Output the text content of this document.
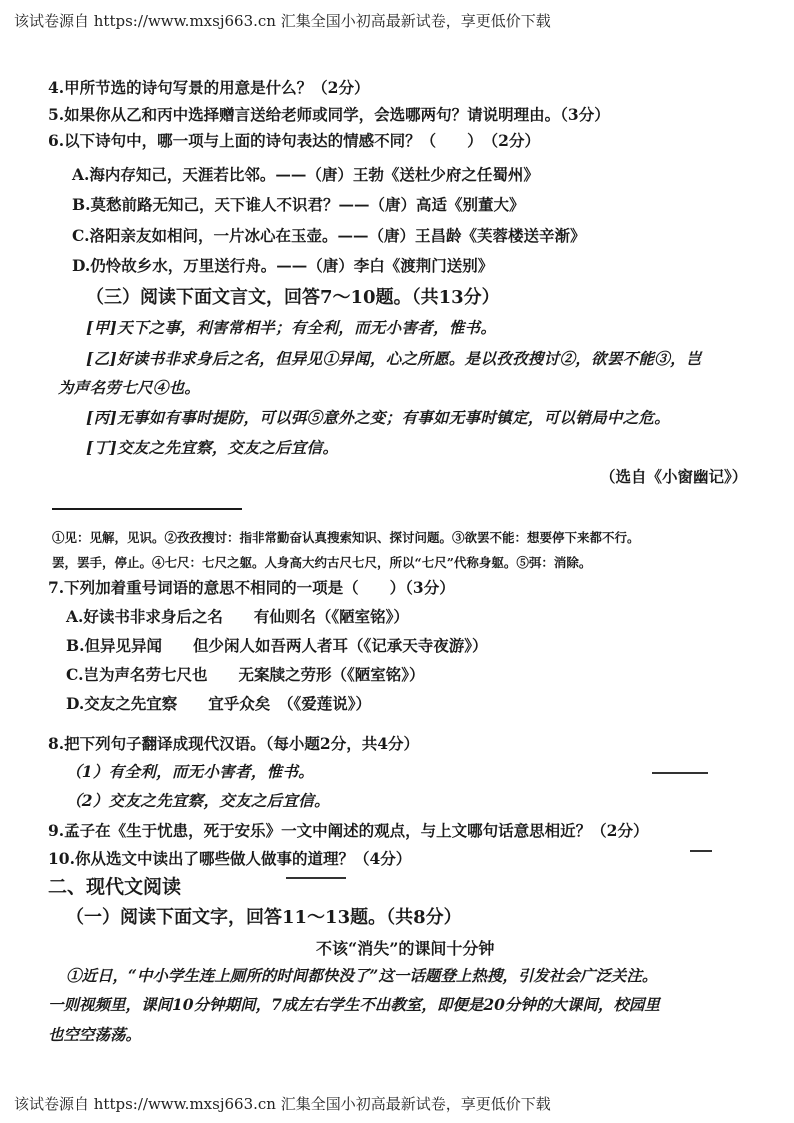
该试卷源自 https://www.mxsj663.cn 汇集全国小初高最新试卷，享更低价下载
4.甲所节选的诗句写景的用意是什么？（2分）
5.如果你从乙和丙中选择赠言送给老师或同学，会选哪两句？请说明理由。（3分）
6.以下诗句中，哪一项与上面的诗句表达的情感不同？（　　）　（2分）
A.海内存知己，天涯若比邻。——（唐）王勃《送杜少府之任蜀州》
B.莫愁前路无知己，天下谁人不识君？——（唐）高适《别董大》
C.洛阳亲友如相问，一片冰心在玉壶。——（唐）王昌龄《芙蓉楼送辛渐》
D.仍怜故乡水，万里送行舟。——（唐）李白《渡荆门送别》
（三）阅读下面文言文，回答7～10题。（共13分）
[甲]天下之事，利害常相半；有全利，而无小害者，惟书。
[乙]好读书非求身后之名，但异见①异闻，心之所愿。是以孜孜搜讨②，欲罢不能③，岂
为声名劳七尺④也。
[丙]无事如有事时提防，可以弭⑤意外之变；有事如无事时镇定，可以销局中之危。
[丁]交友之先宜察，交友之后宜信。
（选自《小窗幽记》）
①见：见解，见识。②孜孜搜讨：指非常勤奋认真搜索知识、探讨问题。③欲罢不能：想要停下来都不行。
罢，罢手，停止。④七尺：七尺之躯。人身高大约古尺七尺，所以“七尺”代称身躯。⑤弭：消除。
7.下列加着重号词语的意思不相同的一项是（　　）（3分）
A.好读书非求身后之名　　有仙则名（《陋室铭》）
B.但异见异闻　　但少闲人如吾两人者耳（《记承天寺夜游》）
C.岂为声名劳七尺也　　无案牍之劳形（《陋室铭》）
D.交友之先宜察　　宜乎众矣　（《爱莲说》）
8.把下列句子翻译成现代汉语。（每小题2分，共4分）
（1）有全利，而无小害者，惟书。
（2）交友之先宜察，交友之后宜信。
9.孟子在《生于忧患，死于安乐》一文中阐述的观点，与上文哪句话意思相近？（2分）
10.你从选文中读出了哪些做人做事的道理？（4分）
二、现代文阅读
（一）阅读下面文字，回答11～13题。（共8分）
不该“消失”的课间十分钟
①近日，“中小学生连上厕所的时间都快没了”这一话题登上热搜，引发社会广泛关注。
一则视频里，课间10分钟期间，7成左右学生不出教室，即便是20分钟的大课间，校园里
也空空荡荡。
该试卷源自 https://www.mxsj663.cn 汇集全国小初高最新试卷，享更低价下载
